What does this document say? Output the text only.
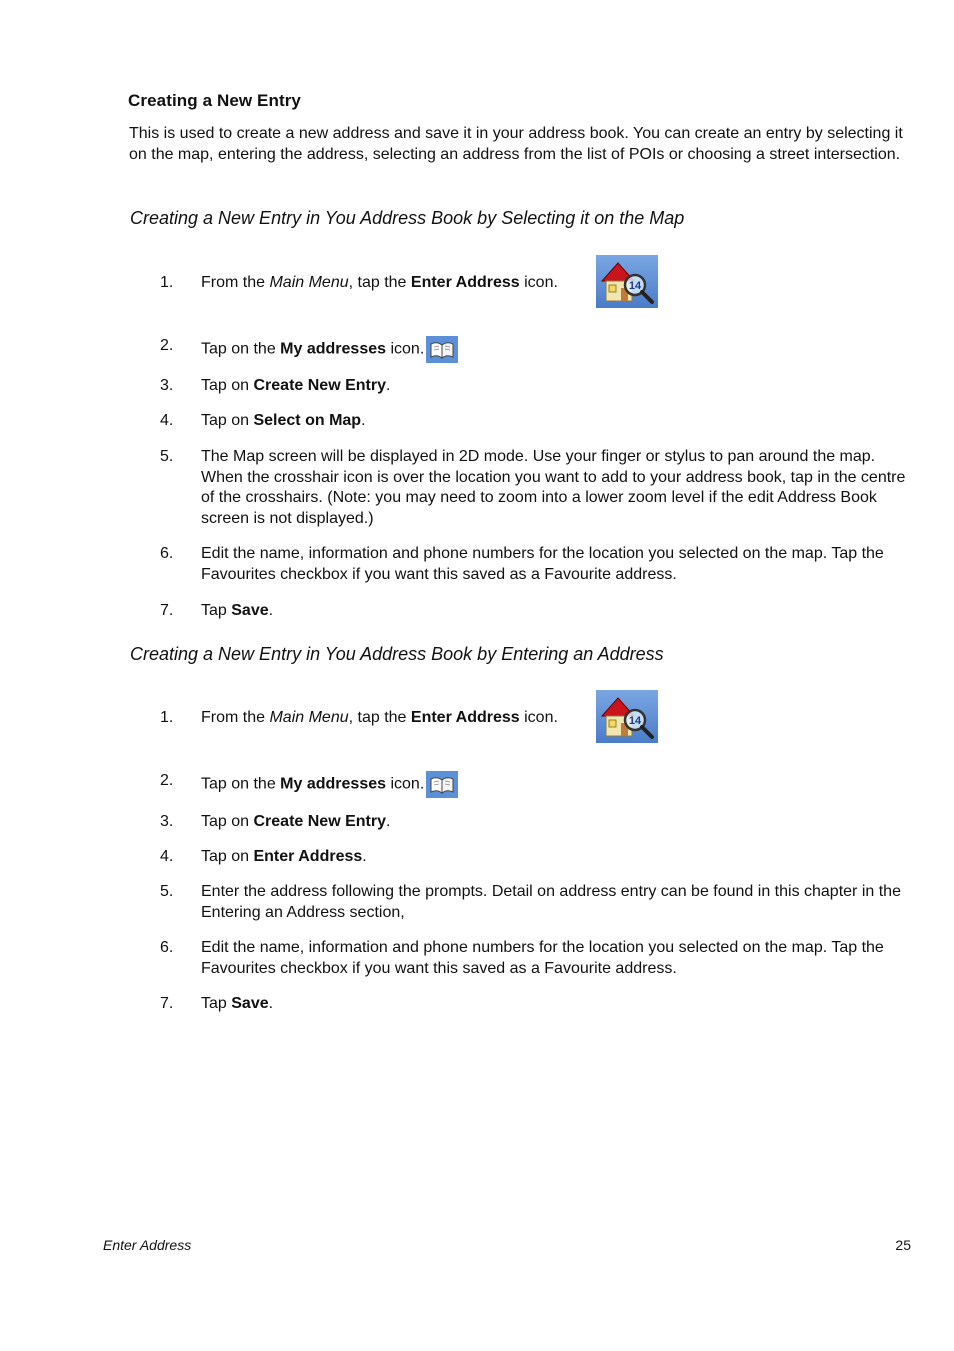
Creating a New Entry

This is used to create a new address and save it in your address book. You can create an entry by selecting it on the map, entering the address, selecting an address from the list of POIs or choosing a street intersection.

Creating a New Entry in You Address Book by Selecting it on the Map
1.	From the Main Menu, tap the Enter Address icon.	14
2.	Tap on the My addresses icon.
3.	Tap on Create New Entry.
4.	Tap on Select on Map.
5.	The Map screen will be displayed in 2D mode. Use your finger or stylus to pan around the map. When the crosshair icon is over the location you want to add to your address book, tap in the centre of the crosshairs. (Note: you may need to zoom into a lower zoom level if the edit Address Book screen is not displayed.)
6.	Edit the name, information and phone numbers for the location you selected on the map. Tap the Favourites checkbox if you want this saved as a Favourite address.
7.	Tap Save.
Creating a New Entry in You Address Book by Entering an Address
1.	From the Main Menu, tap the Enter Address icon.	14
2.	Tap on the My addresses icon.
3.	Tap on Create New Entry.
4.	Tap on Enter Address.
5.	Enter the address following the prompts. Detail on address entry can be found in this chapter in the Entering an Address section,
6.	Edit the name, information and phone numbers for the location you selected on the map. Tap the Favourites checkbox if you want this saved as a Favourite address.
7.	Tap Save.

Enter Address	25
